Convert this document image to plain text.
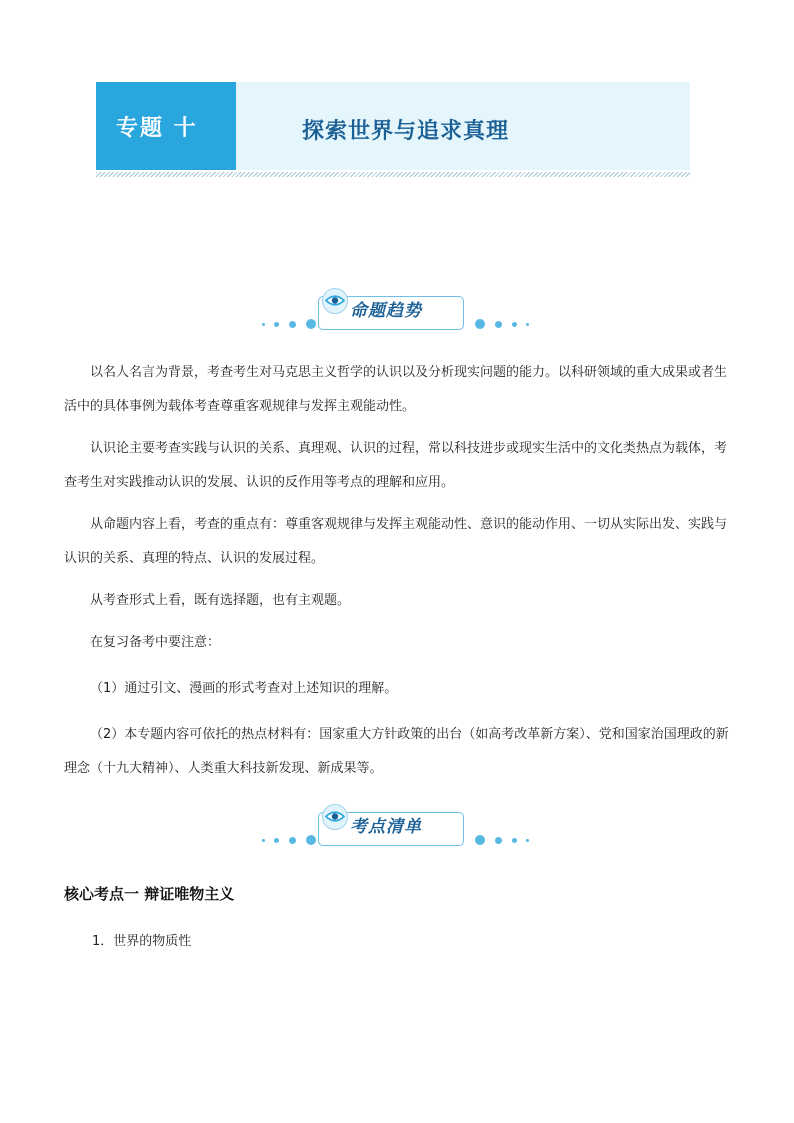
专题 十	探索世界与追求真理
命题趋势

以名人名言为背景，考查考生对马克思主义哲学的认识以及分析现实问题的能力。以科研领域的重大成果或者生活中的具体事例为载体考查尊重客观规律与发挥主观能动性。

认识论主要考查实践与认识的关系、真理观、认识的过程，常以科技进步或现实生活中的文化类热点为载体，考查考生对实践推动认识的发展、认识的反作用等考点的理解和应用。

从命题内容上看，考查的重点有：尊重客观规律与发挥主观能动性、意识的能动作用、一切从实际出发、实践与认识的关系、真理的特点、认识的发展过程。

从考查形式上看，既有选择题，也有主观题。

在复习备考中要注意：

（1）通过引文、漫画的形式考查对上述知识的理解。

（2）本专题内容可依托的热点材料有：国家重大方针政策的出台（如高考改革新方案）、党和国家治国理政的新理念（十九大精神）、人类重大科技新发现、新成果等。

考点清单

核心考点一 辩证唯物主义

1．世界的物质性
